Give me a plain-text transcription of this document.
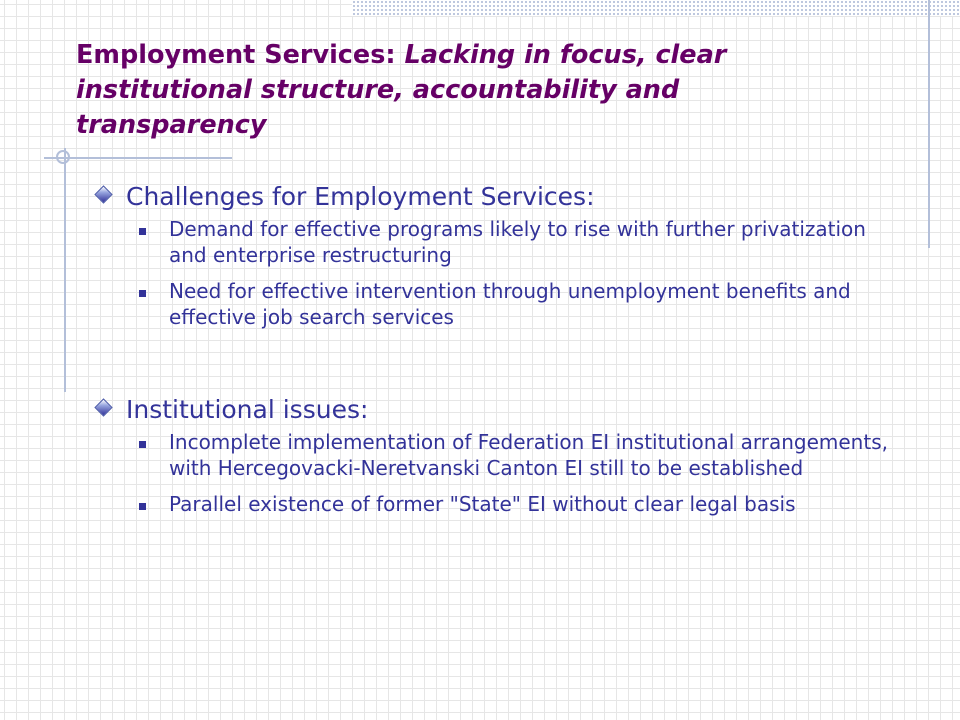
Employment Services: Lacking in focus, clear institutional structure, accountability and transparency
Challenges for Employment Services:
Demand for effective programs likely to rise with further privatization and enterprise restructuring
Need for effective intervention through unemployment benefits and effective job search services
Institutional issues:
Incomplete implementation of Federation EI institutional arrangements, with Hercegovacki-Neretvanski Canton EI still to be established
Parallel existence of former "State" EI without clear legal basis
